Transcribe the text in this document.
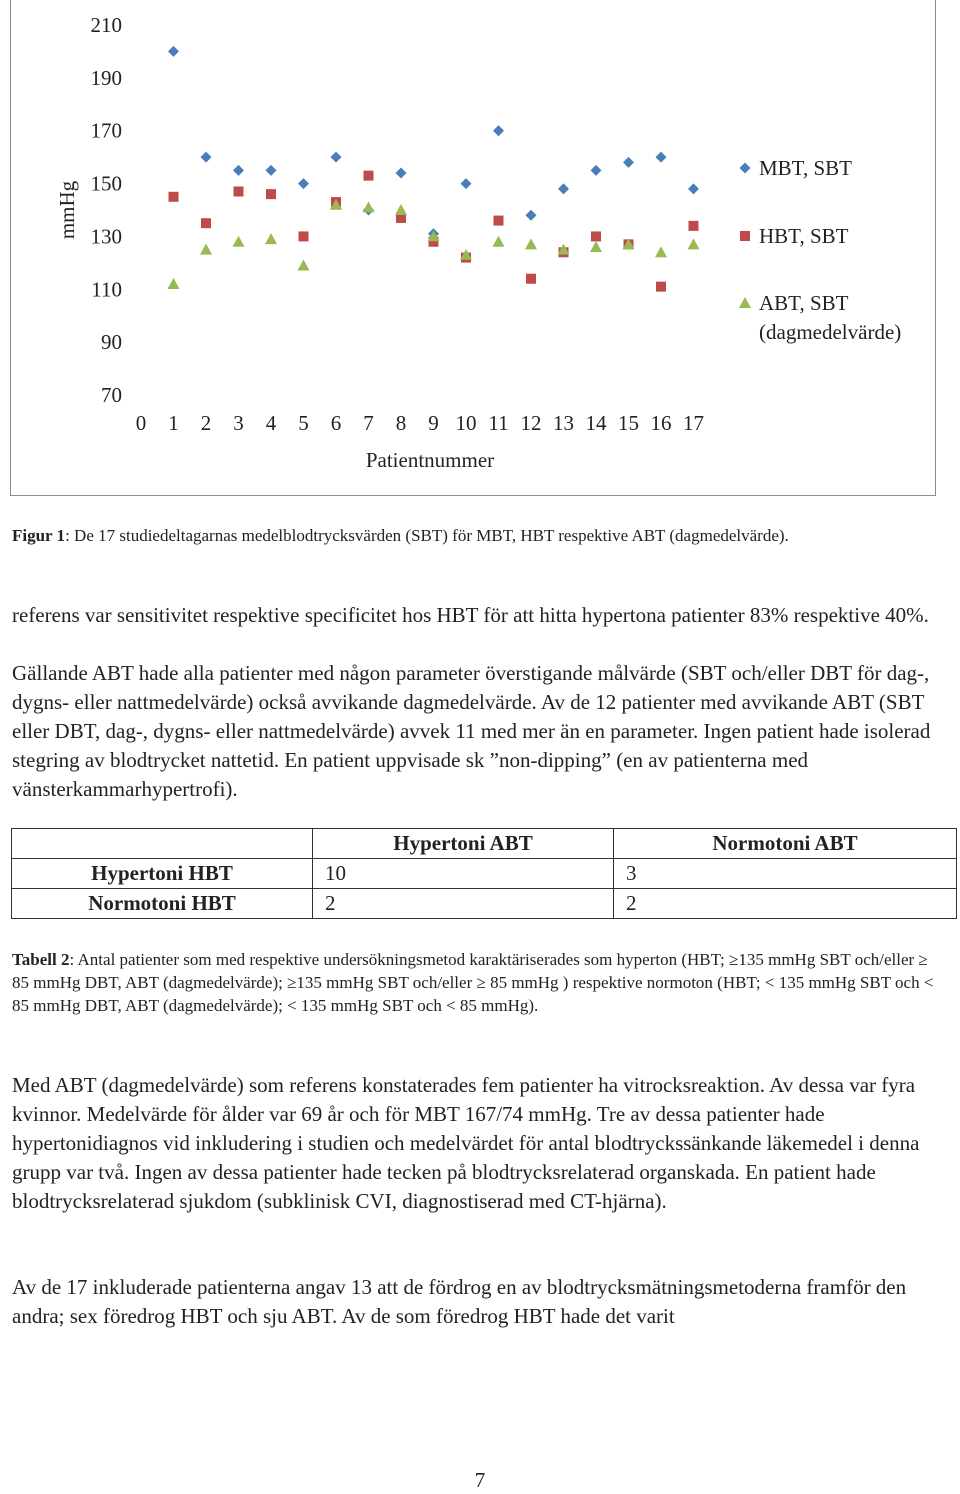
70
90
110
130
150
170
190
210
0 1 2 3 4 5 6 7 8 9 10 11 12 13 14 15 16 17
Patientnummer
mmHg
MBT, SBT
HBT, SBT
ABT, SBT (dagmedelvärde)
Figur 1: De 17 studiedeltagarnas medelblodtrycksvärden (SBT) för MBT, HBT respektive ABT (dagmedelvärde).

referens var sensitivitet respektive specificitet hos HBT för att hitta hypertona patienter 83% respektive 40%.

Gällande ABT hade alla patienter med någon parameter överstigande målvärde (SBT och/eller DBT för dag-, dygns- eller nattmedelvärde) också avvikande dagmedelvärde. Av de 12 patienter med avvikande ABT (SBT eller DBT, dag-, dygns- eller nattmedelvärde) avvek 11 med mer än en parameter. Ingen patient hade isolerad stegring av blodtrycket nattetid. En patient uppvisade sk ”non-dipping” (en av patienterna med vänsterkammarhypertrofi).

	Hypertoni ABT	Normotoni ABT
Hypertoni HBT	10	3
Normotoni HBT	2	2
Tabell 2: Antal patienter som med respektive undersökningsmetod karaktäriserades som hyperton (HBT; ≥135 mmHg SBT och/eller ≥ 85 mmHg DBT, ABT (dagmedelvärde); ≥135 mmHg SBT och/eller ≥ 85 mmHg ) respektive normoton (HBT; < 135 mmHg SBT och < 85 mmHg DBT, ABT (dagmedelvärde); < 135 mmHg SBT och < 85 mmHg).

Med ABT (dagmedelvärde) som referens konstaterades fem patienter ha vitrocksreaktion. Av dessa var fyra kvinnor. Medelvärde för ålder var 69 år och för MBT 167/74 mmHg. Tre av dessa patienter hade hypertonidiagnos vid inkludering i studien och medelvärdet för antal blodtryckssänkande läkemedel i denna grupp var två. Ingen av dessa patienter hade tecken på blodtrycksrelaterad organskada. En patient hade blodtrycksrelaterad sjukdom (subklinisk CVI, diagnostiserad med CT-hjärna).

Av de 17 inkluderade patienterna angav 13 att de fördrog en av blodtrycksmätningsmetoderna framför den andra; sex föredrog HBT och sju ABT. Av de som föredrog HBT hade det varit

7
